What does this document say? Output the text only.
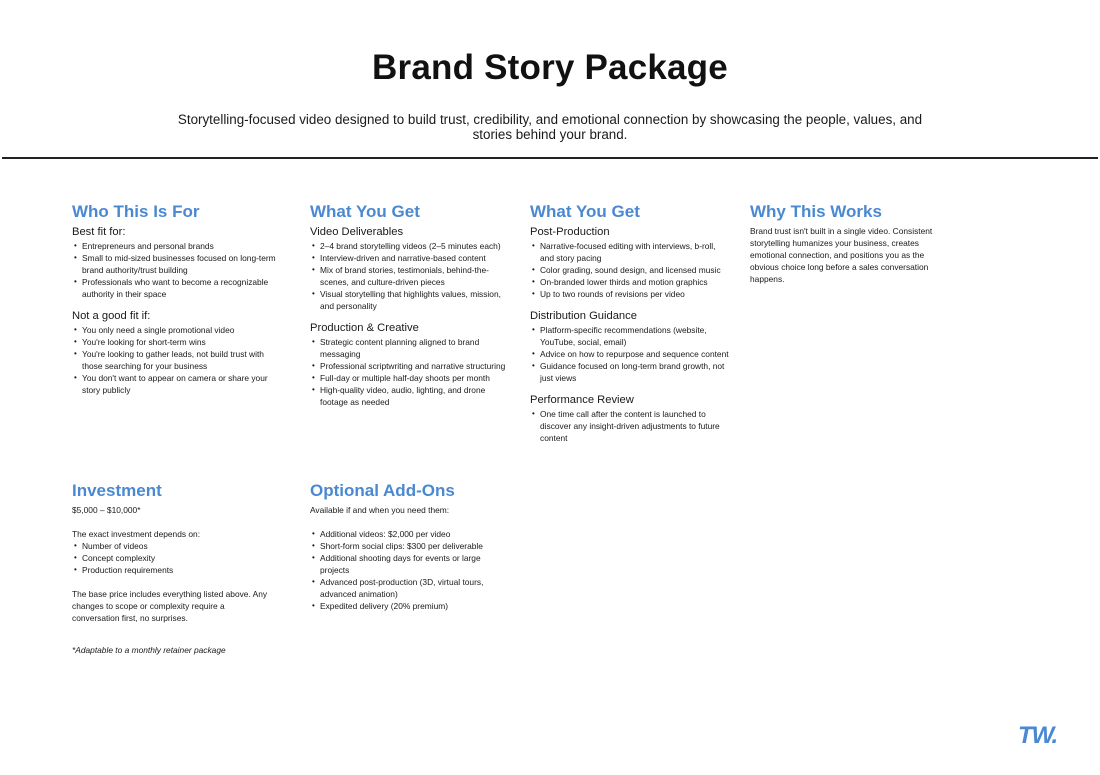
Brand Story Package
Storytelling-focused video designed to build trust, credibility, and emotional connection by showcasing the people, values, and stories behind your brand.
Who This Is For
Best fit for:
• Entrepreneurs and personal brands
• Small to mid-sized businesses focused on long-term brand authority/trust building
• Professionals who want to become a recognizable authority in their space
Not a good fit if:
• You only need a single promotional video
• You're looking for short-term wins
• You're looking to gather leads, not build trust with those searching for your business
• You don't want to appear on camera or share your story publicly
What You Get
Video Deliverables
• 2–4 brand storytelling videos (2–5 minutes each)
• Interview-driven and narrative-based content
• Mix of brand stories, testimonials, behind-the-scenes, and culture-driven pieces
• Visual storytelling that highlights values, mission, and personality
Production & Creative
• Strategic content planning aligned to brand messaging
• Professional scriptwriting and narrative structuring
• Full-day or multiple half-day shoots per month
• High-quality video, audio, lighting, and drone footage as needed
What You Get
Post-Production
• Narrative-focused editing with interviews, b-roll, and story pacing
• Color grading, sound design, and licensed music
• On-branded lower thirds and motion graphics
• Up to two rounds of revisions per video
Distribution Guidance
• Platform-specific recommendations (website, YouTube, social, email)
• Advice on how to repurpose and sequence content
• Guidance focused on long-term brand growth, not just views
Performance Review
• One time call after the content is launched to discover any insight-driven adjustments to future content
Why This Works

Brand trust isn't built in a single video. Consistent storytelling humanizes your business, creates emotional connection, and positions you as the obvious choice long before a sales conversation happens.

Investment

$5,000 – $10,000*

The exact investment depends on:

• Number of videos
• Concept complexity
• Production requirements

The base price includes everything listed above. Any changes to scope or complexity require a conversation first, no surprises.

*Adaptable to a monthly retainer package

Optional Add-Ons

Available if and when you need them:

• Additional videos: $2,000 per video
• Short-form social clips: $300 per deliverable
• Additional shooting days for events or large projects
• Advanced post-production (3D, virtual tours, advanced animation)
• Expedited delivery (20% premium)
TW.
